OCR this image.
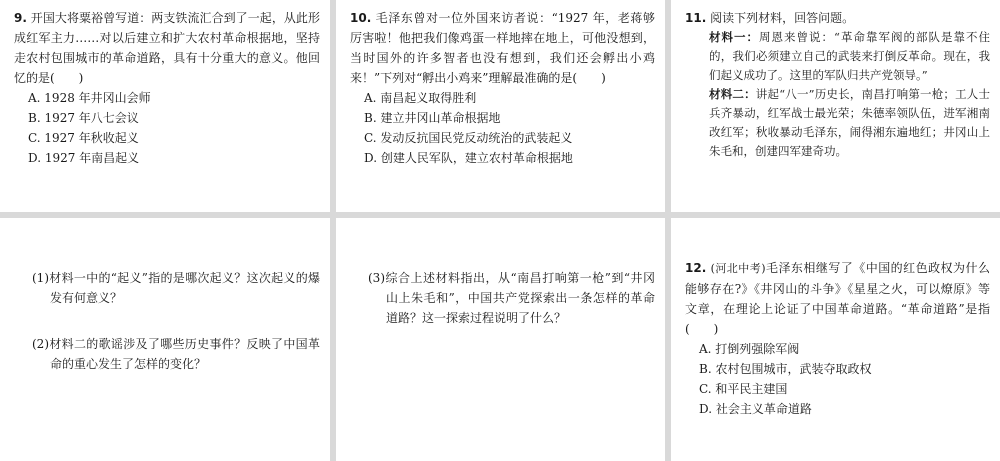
9. 开国大将粟裕曾写道：两支铁流汇合到了一起，从此形成红军主力……对以后建立和扩大农村革命根据地，坚持走农村包围城市的革命道路，具有十分重大的意义。他回忆的是(　　)
A. 1928 年井冈山会师
B. 1927 年八七会议
C. 1927 年秋收起义
D. 1927 年南昌起义
10. 毛泽东曾对一位外国来访者说：“1927 年，老蒋够厉害啦！他把我们像鸡蛋一样地摔在地上，可他没想到，当时国外的许多智者也没有想到，我们还会孵出小鸡来！”下列对“孵出小鸡来”理解最准确的是(　　)
A. 南昌起义取得胜利
B. 建立井冈山革命根据地
C. 发动反抗国民党反动统治的武装起义
D. 创建人民军队，建立农村革命根据地
11. 阅读下列材料，回答问题。
材料一：周恩来曾说：“革命靠军阀的部队是靠不住的，我们必须建立自己的武装来打倒反革命。现在，我们起义成功了。这里的军队归共产党领导。”
材料二：讲起“八一”历史长，南昌打响第一枪；工人士兵齐暴动，红军战士最光荣；朱德率领队伍，进军湘南改红军；秋收暴动毛泽东，闹得湘东遍地红；井冈山上朱毛和，创建四军建奇功。
(1)材料一中的“起义”指的是哪次起义？这次起义的爆发有何意义？
(2)材料二的歌谣涉及了哪些历史事件？反映了中国革命的重心发生了怎样的变化？
(3)综合上述材料指出，从“南昌打响第一枪”到“井冈山上朱毛和”，中国共产党探索出一条怎样的革命道路？这一探索过程说明了什么？
12. (河北中考)毛泽东相继写了《中国的红色政权为什么能够存在?》《井冈山的斗争》《星星之火，可以燎原》等文章，在理论上论证了中国革命道路。“革命道路”是指(　　)
A. 打倒列强除军阀
B. 农村包围城市，武装夺取政权
C. 和平民主建国
D. 社会主义革命道路
